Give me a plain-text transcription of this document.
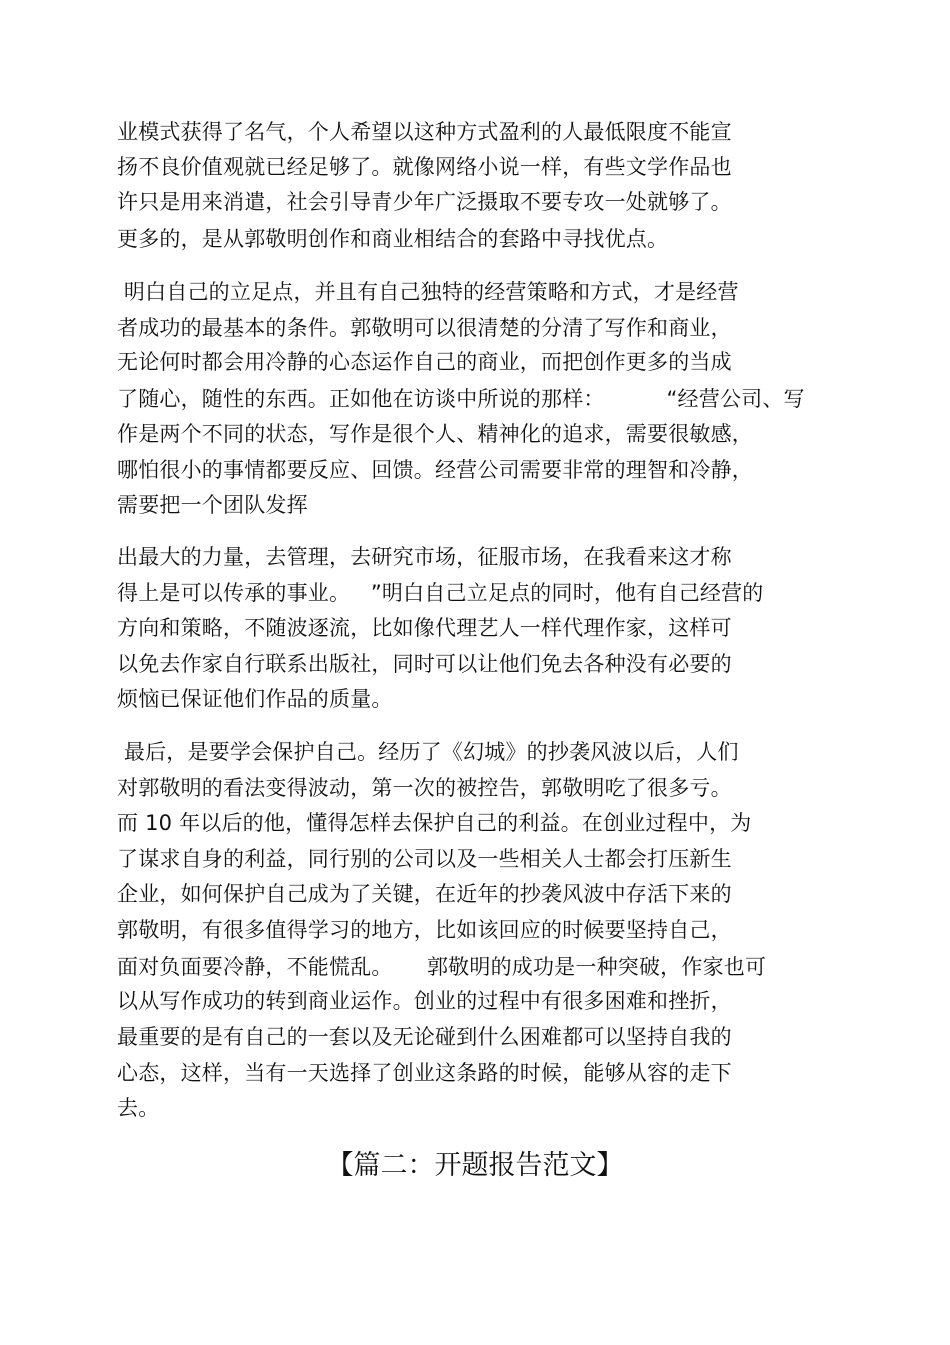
业模式获得了名气，个人希望以这种方式盈利的人最低限度不能宣
扬不良价值观就已经足够了。就像网络小说一样，有些文学作品也
许只是用来消遣，社会引导青少年广泛摄取不要专攻一处就够了。
更多的，是从郭敬明创作和商业相结合的套路中寻找优点。
明白自己的立足点，并且有自己独特的经营策略和方式，才是经营
者成功的最基本的条件。郭敬明可以很清楚的分清了写作和商业，
无论何时都会用冷静的心态运作自己的商业，而把创作更多的当成
了随心，随性的东西。正如他在访谈中所说的那样：         “经营公司、写
作是两个不同的状态，写作是很个人、精神化的追求，需要很敏感，
哪怕很小的事情都要反应、回馈。经营公司需要非常的理智和冷静，
需要把一个团队发挥
出最大的力量，去管理，去研究市场，征服市场，在我看来这才称
得上是可以传承的事业。   ”明白自己立足点的同时，他有自己经营的
方向和策略，不随波逐流，比如像代理艺人一样代理作家，这样可
以免去作家自行联系出版社，同时可以让他们免去各种没有必要的
烦恼已保证他们作品的质量。
最后，是要学会保护自己。经历了《幻城》的抄袭风波以后，人们
对郭敬明的看法变得波动，第一次的被控告，郭敬明吃了很多亏。
而 10 年以后的他，懂得怎样去保护自己的利益。在创业过程中，为
了谋求自身的利益，同行别的公司以及一些相关人士都会打压新生
企业，如何保护自己成为了关键，在近年的抄袭风波中存活下来的
郭敬明，有很多值得学习的地方，比如该回应的时候要坚持自己，
面对负面要冷静，不能慌乱。     郭敬明的成功是一种突破，作家也可
以从写作成功的转到商业运作。创业的过程中有很多困难和挫折，
最重要的是有自己的一套以及无论碰到什么困难都可以坚持自我的
心态，这样，当有一天选择了创业这条路的时候，能够从容的走下
去。
【篇二：开题报告范文】
